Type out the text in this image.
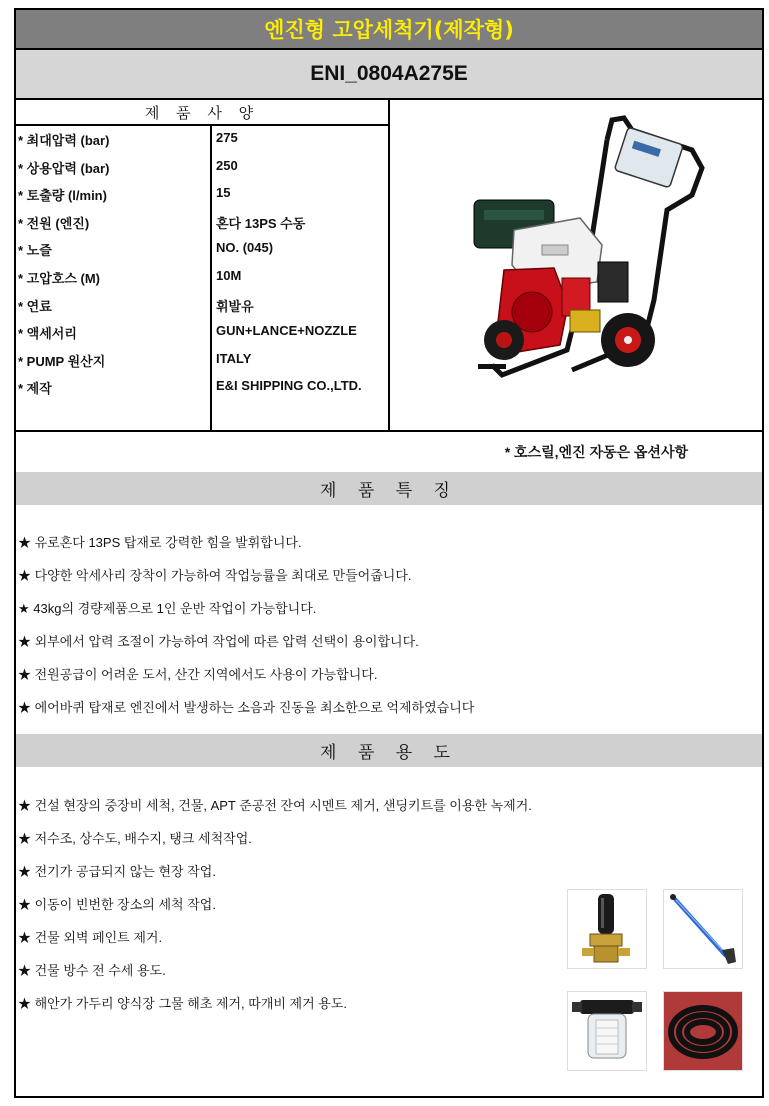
엔진형 고압세척기(제작형)
ENI_0804A275E
제 품 사 양
* 최대압력 (bar)	275
* 상용압력 (bar)	250
* 토출량 (l/min)	15
* 전원 (엔진)	혼다 13PS 수동
* 노즐	NO. (045)
* 고압호스 (M)	10M
* 연료	휘발유
* 액세서리	GUN+LANCE+NOZZLE
* PUMP 원산지	ITALY
* 제작	E&I SHIPPING CO.,LTD.
* 호스릴,엔진 자동은 옵션사항
제 품 특 징
★ 유로혼다 13PS 탑재로 강력한 힘을 발휘합니다.
★ 다양한 악세사리 장착이 가능하여 작업능률을 최대로 만들어줍니다.
★ 43kg의 경량제품으로 1인 운반 작업이 가능합니다.
★ 외부에서 압력 조절이 가능하여 작업에 따른 압력 선택이 용이합니다.
★ 전원공급이 어려운 도서, 산간 지역에서도 사용이 가능합니다.
★ 에어바퀴 탑재로 엔진에서 발생하는 소음과 진동을 최소한으로 억제하였습니다
제 품 용 도
★ 건설 현장의 중장비 세척, 건물, APT 준공전 잔여 시멘트 제거, 샌딩키트를 이용한 녹제거.
★ 저수조, 상수도, 배수지, 탱크 세척작업.
★ 전기가 공급되지 않는 현장 작업.
★ 이동이 빈번한 장소의 세척 작업.
★ 건물 외벽 페인트 제거.
★ 건물 방수 전 수세 용도.
★ 해안가 가두리 양식장 그물 해초 제거, 따개비 제거 용도.
